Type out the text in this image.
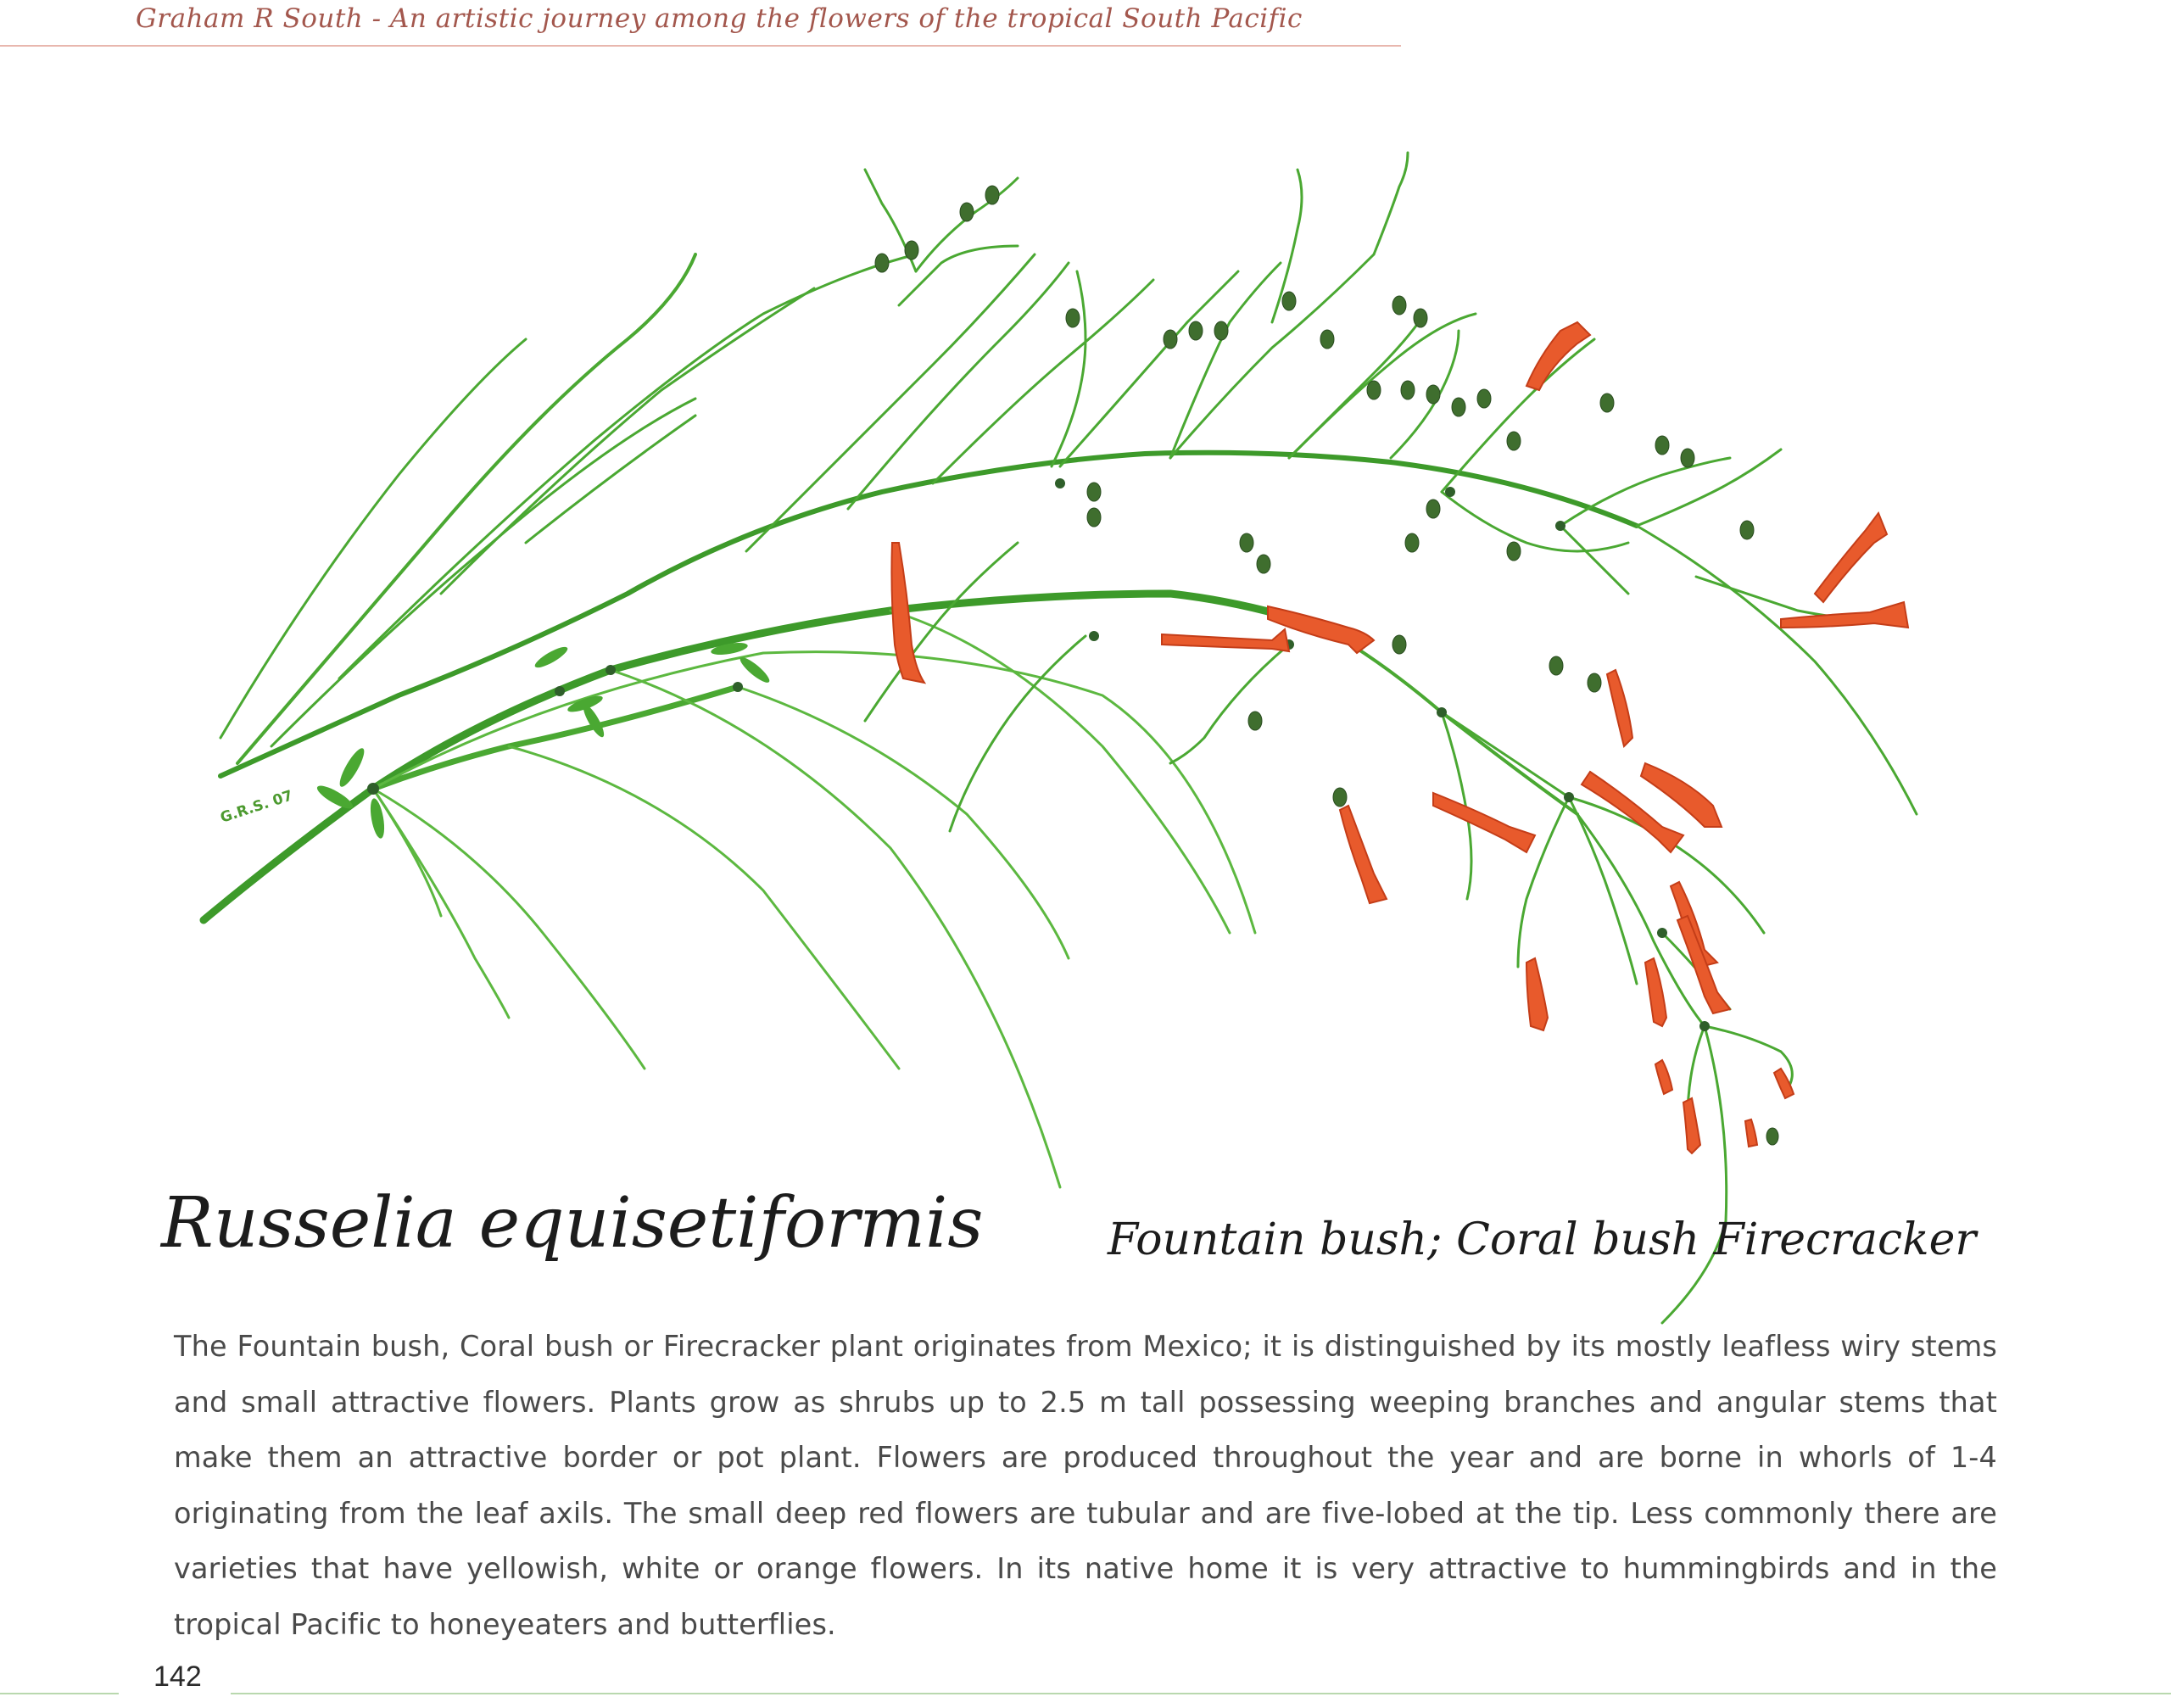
Graham R South - An artistic journey among the flowers of the tropical South Pacific
G.R.S. 07
Russelia equisetiformis	Fountain bush; Coral bush Firecracker
The Fountain bush, Coral bush or Firecracker plant originates from Mexico; it is distinguished by its mostly leafless wiry stems and small attractive flowers. Plants grow as shrubs up to 2.5 m tall possessing weeping branches and angular stems that make them an attractive border or pot plant. Flowers are produced throughout the year and are borne in whorls of 1-4 originating from the leaf axils. The small deep red flowers are tubular and are five-lobed at the tip. Less commonly there are varieties that have yellowish, white or orange flowers. In its native home it is very attractive to hummingbirds and in the tropical Pacific to honeyeaters and butterflies.
142
